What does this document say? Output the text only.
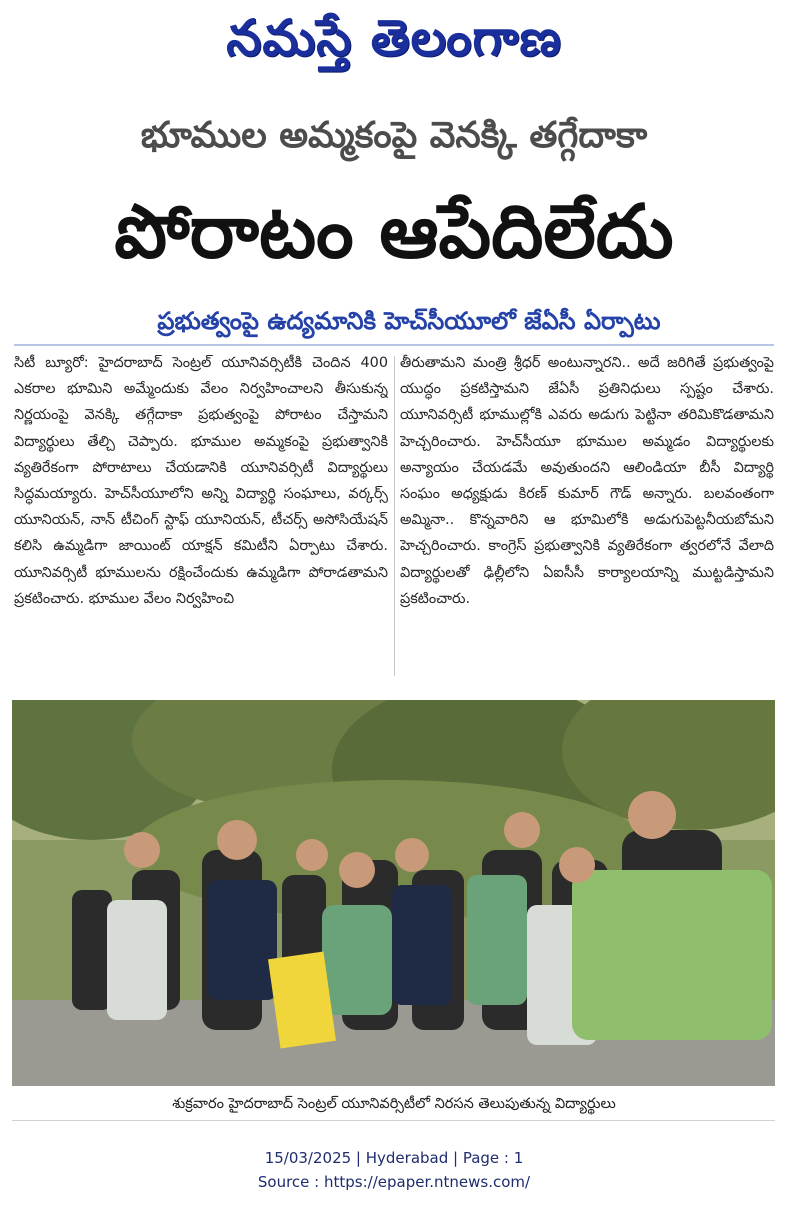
నమస్తే తెలంగాణ
భూముల అమ్మకంపై వెనక్కి తగ్గేదాకా
పోరాటం ఆపేదిలేదు
ప్రభుత్వంపై ఉద్యమానికి హెచ్‌సీయూలో జేఏసీ ఏర్పాటు
సిటీ బ్యూరో: హైదరాబాద్ సెంట్రల్ యూనివర్సిటీకి చెందిన 400 ఎకరాల భూమిని అమ్మేందుకు వేలం నిర్వహించాలని తీసుకున్న నిర్ణయంపై వెనక్కి తగ్గేదాకా ప్రభుత్వంపై పోరాటం చేస్తామని విద్యార్థులు తేల్చి చెప్పారు. భూముల అమ్మకంపై ప్రభుత్వానికి వ్యతిరేకంగా పోరాటాలు చేయడానికి యూనివర్సిటీ విద్యార్థులు సిద్ధమయ్యారు. హెచ్‌సీయూలోని అన్ని విద్యార్థి సంఘాలు, వర్కర్స్ యూనియన్, నాన్ టీచింగ్ స్టాఫ్ యూనియన్, టీచర్స్ అసోసియేషన్ కలిసి ఉమ్మడిగా జాయింట్ యాక్షన్ కమిటీని ఏర్పాటు చేశారు. యూనివర్సిటీ భూములను రక్షించేందుకు ఉమ్మడిగా పోరాడతామని ప్రకటించారు. భూముల వేలం నిర్వహించి
తీరుతామని మంత్రి శ్రీధర్ అంటున్నారని.. అదే జరిగితే ప్రభుత్వంపై యుద్ధం ప్రకటిస్తామని జేఏసీ ప్రతినిధులు స్పష్టం చేశారు. యూనివర్సిటీ భూముల్లోకి ఎవరు అడుగు పెట్టినా తరిమికొడతామని హెచ్చరించారు. హెచ్‌సీయూ భూముల అమ్మడం విద్యార్థులకు అన్యాయం చేయడమే అవుతుందని ఆలిండియా బీసీ విద్యార్థి సంఘం అధ్యక్షుడు కిరణ్ కుమార్ గౌడ్ అన్నారు. బలవంతంగా అమ్మినా.. కొన్నవారిని ఆ భూమిలోకి అడుగుపెట్టనీయబోమని హెచ్చరించారు. కాంగ్రెస్ ప్రభుత్వానికి వ్యతిరేకంగా త్వరలోనే వేలాది విద్యార్థులతో ఢిల్లీలోని ఏఐసీసీ కార్యాలయాన్ని ముట్టడిస్తామని ప్రకటించారు.
శుక్రవారం హైదరాబాద్ సెంట్రల్ యూనివర్సిటీలో నిరసన తెలుపుతున్న విద్యార్థులు
15/03/2025 | Hyderabad | Page : 1
Source : https://epaper.ntnews.com/
